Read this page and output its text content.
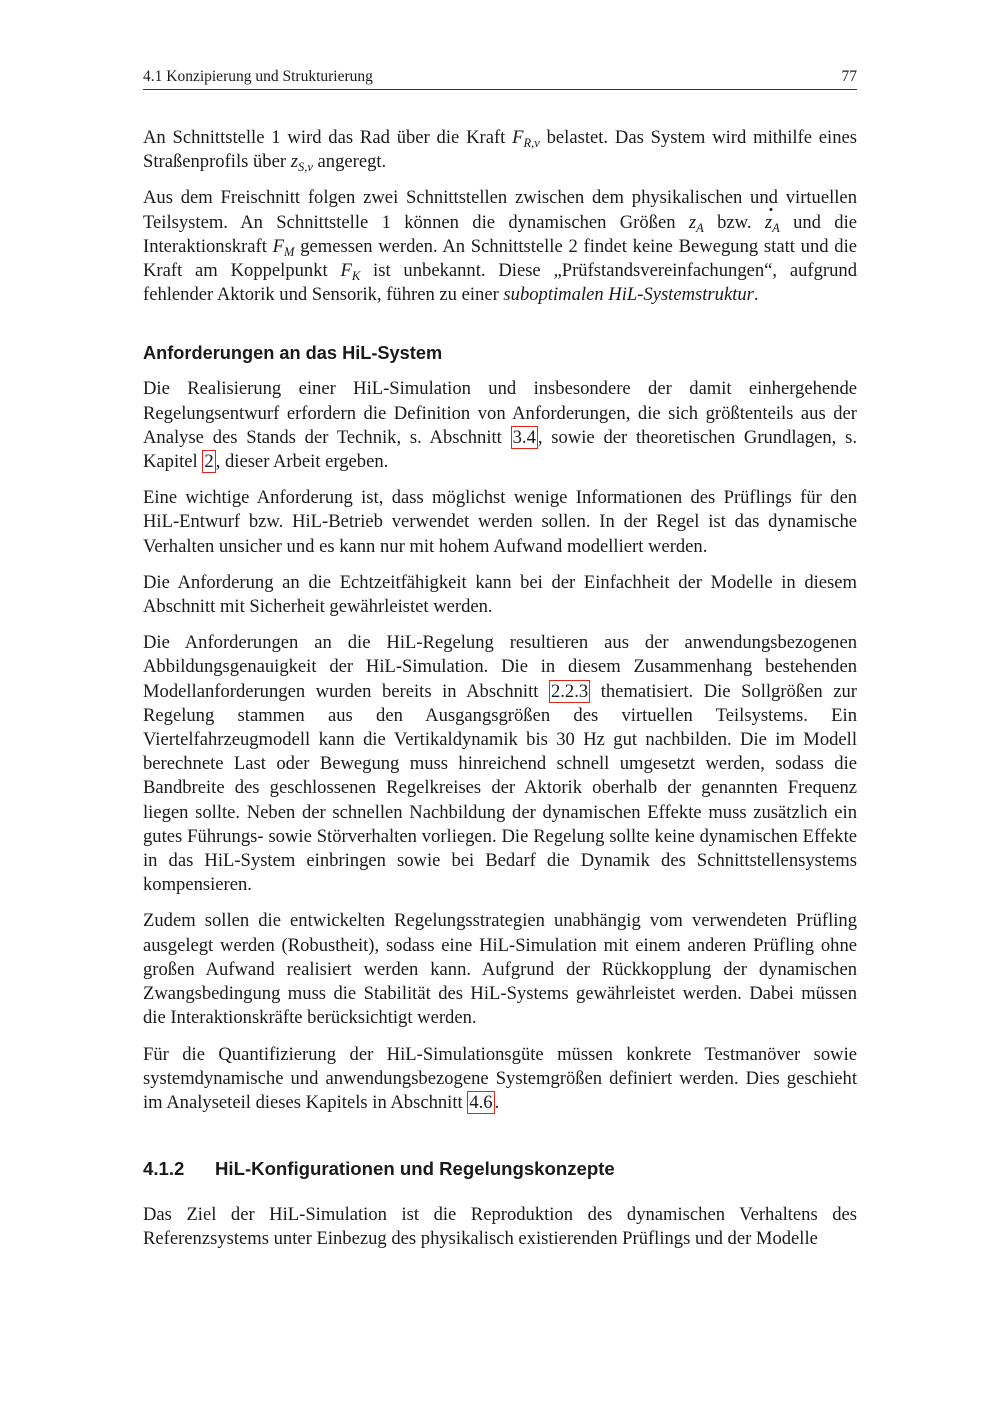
4.1 Konzipierung und Strukturierung	77

An Schnittstelle 1 wird das Rad über die Kraft $F_{R,v}$ belastet. Das System wird mithilfe eines Straßenprofils über $z_{S,v}$ angeregt.

Aus dem Freischnitt folgen zwei Schnittstellen zwischen dem physikalischen und virtuellen Teilsystem. An Schnittstelle 1 können die dynamischen Größen $z_A$ bzw. · $z_A$ und die Interaktionskraft $F_M$ gemessen werden. An Schnittstelle 2 findet keine Bewegung statt und die Kraft am Koppelpunkt $F_K$ ist unbekannt. Diese „Prüfstandsvereinfachungen“, aufgrund fehlender Aktorik und Sensorik, führen zu einer suboptimalen HiL-Systemstruktur.

Anforderungen an das HiL-System

Die Realisierung einer HiL-Simulation und insbesondere der damit einhergehende Regelungsentwurf erfordern die Definition von Anforderungen, die sich größtenteils aus der Analyse des Stands der Technik, s. Abschnitt 3.4 , sowie der theoretischen Grundlagen, s. Kapitel 2 , dieser Arbeit ergeben.

Eine wichtige Anforderung ist, dass möglichst wenige Informationen des Prüflings für den HiL-Entwurf bzw. HiL-Betrieb verwendet werden sollen. In der Regel ist das dynamische Verhalten unsicher und es kann nur mit hohem Aufwand modelliert werden.

Die Anforderung an die Echtzeitfähigkeit kann bei der Einfachheit der Modelle in diesem Abschnitt mit Sicherheit gewährleistet werden.

Die Anforderungen an die HiL-Regelung resultieren aus der anwendungsbezogenen Abbildungsgenauigkeit der HiL-Simulation. Die in diesem Zusammenhang bestehenden Modellanforderungen wurden bereits in Abschnitt 2.2.3 thematisiert. Die Sollgrößen zur Regelung stammen aus den Ausgangsgrößen des virtuellen Teilsystems. Ein Viertelfahrzeugmodell kann die Vertikaldynamik bis 30 Hz gut nachbilden. Die im Modell berechnete Last oder Bewegung muss hinreichend schnell umgesetzt werden, sodass die Bandbreite des geschlossenen Regelkreises der Aktorik oberhalb der genannten Frequenz liegen sollte. Neben der schnellen Nachbildung der dynamischen Effekte muss zusätzlich ein gutes Führungs- sowie Störverhalten vorliegen. Die Regelung sollte keine dynamischen Effekte in das HiL-System einbringen sowie bei Bedarf die Dynamik des Schnittstellensystems kompensieren.

Zudem sollen die entwickelten Regelungsstrategien unabhängig vom verwendeten Prüfling ausgelegt werden (Robustheit), sodass eine HiL-Simulation mit einem anderen Prüfling ohne großen Aufwand realisiert werden kann. Aufgrund der Rückkopplung der dynamischen Zwangsbedingung muss die Stabilität des HiL-Systems gewährleistet werden. Dabei müssen die Interaktionskräfte berücksichtigt werden.

Für die Quantifizierung der HiL-Simulationsgüte müssen konkrete Testmanöver sowie systemdynamische und anwendungsbezogene Systemgrößen definiert werden. Dies geschieht im Analyseteil dieses Kapitels in Abschnitt 4.6 .

4.1.2 HiL-Konfigurationen und Regelungskonzepte

Das Ziel der HiL-Simulation ist die Reproduktion des dynamischen Verhaltens des Referenzsystems unter Einbezug des physikalisch existierenden Prüflings und der Modelle
